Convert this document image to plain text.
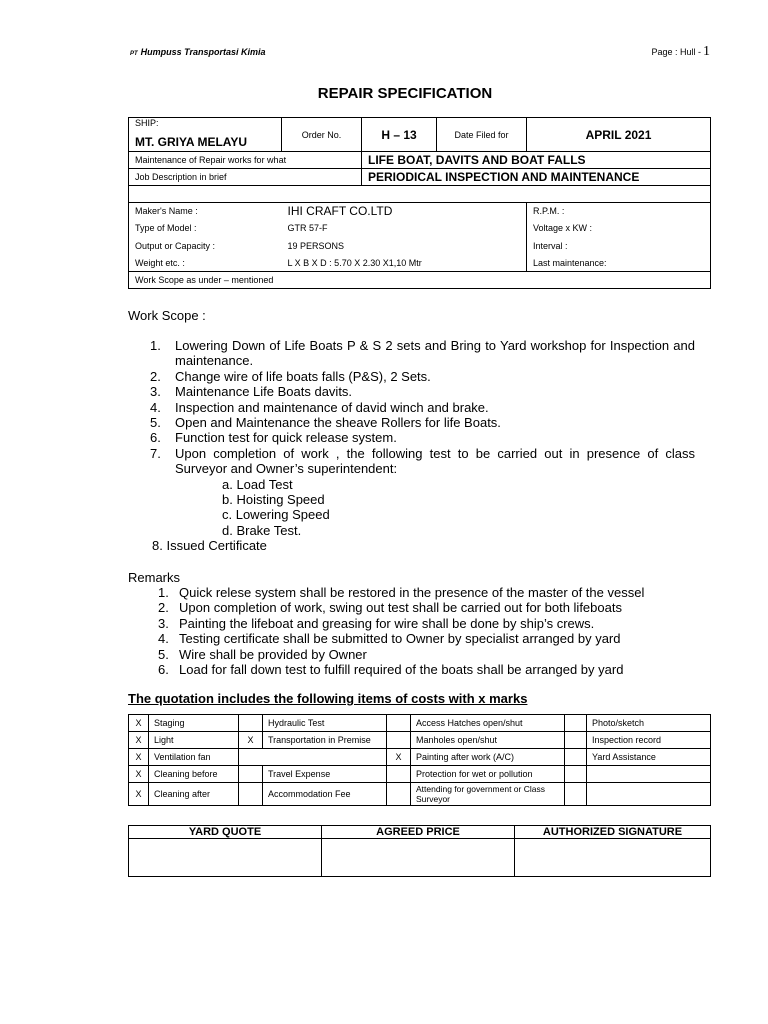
PT Humpuss Transportasi Kimia	Page : Hull - 1
REPAIR SPECIFICATION
SHIP:
MT. GRIYA MELAYU	Order No.	H – 13	Date Filed for	APRIL 2021
Maintenance of Repair works for what		LIFE BOAT, DAVITS AND BOAT FALLS		
Job Description in brief		PERIODICAL INSPECTION AND MAINTENANCE		

Maker's Name :	IHI CRAFT CO.LTD			R.P.M. :
Type of Model :	GTR 57-F			Voltage x KW :
Output or Capacity :	19 PERSONS			Interval :
Weight etc. :	L X B X D : 5.70 X 2.30 X1,10 Mtr			Last maintenance:
Work Scope as under – mentioned				
Work Scope :
1. Lowering Down of Life Boats P & S 2 sets and Bring to Yard workshop for Inspection and maintenance.
2. Change wire of life boats falls (P&S), 2 Sets.
3. Maintenance Life Boats davits.
4. Inspection and maintenance of david winch and brake.
5. Open and Maintenance the sheave Rollers for life Boats.
6. Function test for quick release system.
7. Upon completion of work , the following test to be carried out in presence of class Surveyor and Owner’s superintendent:
a. Load Test
b. Hoisting Speed
c. Lowering Speed
d. Brake Test.
8. Issued Certificate
Remarks
1. Quick relese system shall be restored in the presence of the master of the vessel
2. Upon completion of work, swing out test shall be carried out for both lifeboats
3. Painting the lifeboat and greasing for wire shall be done by ship’s crews.
4. Testing certificate shall be submitted to Owner by specialist arranged by yard
5. Wire shall be provided by Owner
6. Load for fall down test to fulfill required of the boats shall be arranged by yard
The quotation includes the following items of costs with x marks
X	Staging		Hydraulic Test		Access Hatches open/shut		Photo/sketch
X	Light	X	Transportation in Premise		Manholes open/shut		Inspection record
X	Ventilation fan			X	Painting after work (A/C)		Yard Assistance
X	Cleaning before		Travel Expense		Protection for wet or pollution		
X	Cleaning after		Accommodation Fee		Attending for government or Class Surveyor		
YARD QUOTE	AGREED PRICE	AUTHORIZED SIGNATURE
